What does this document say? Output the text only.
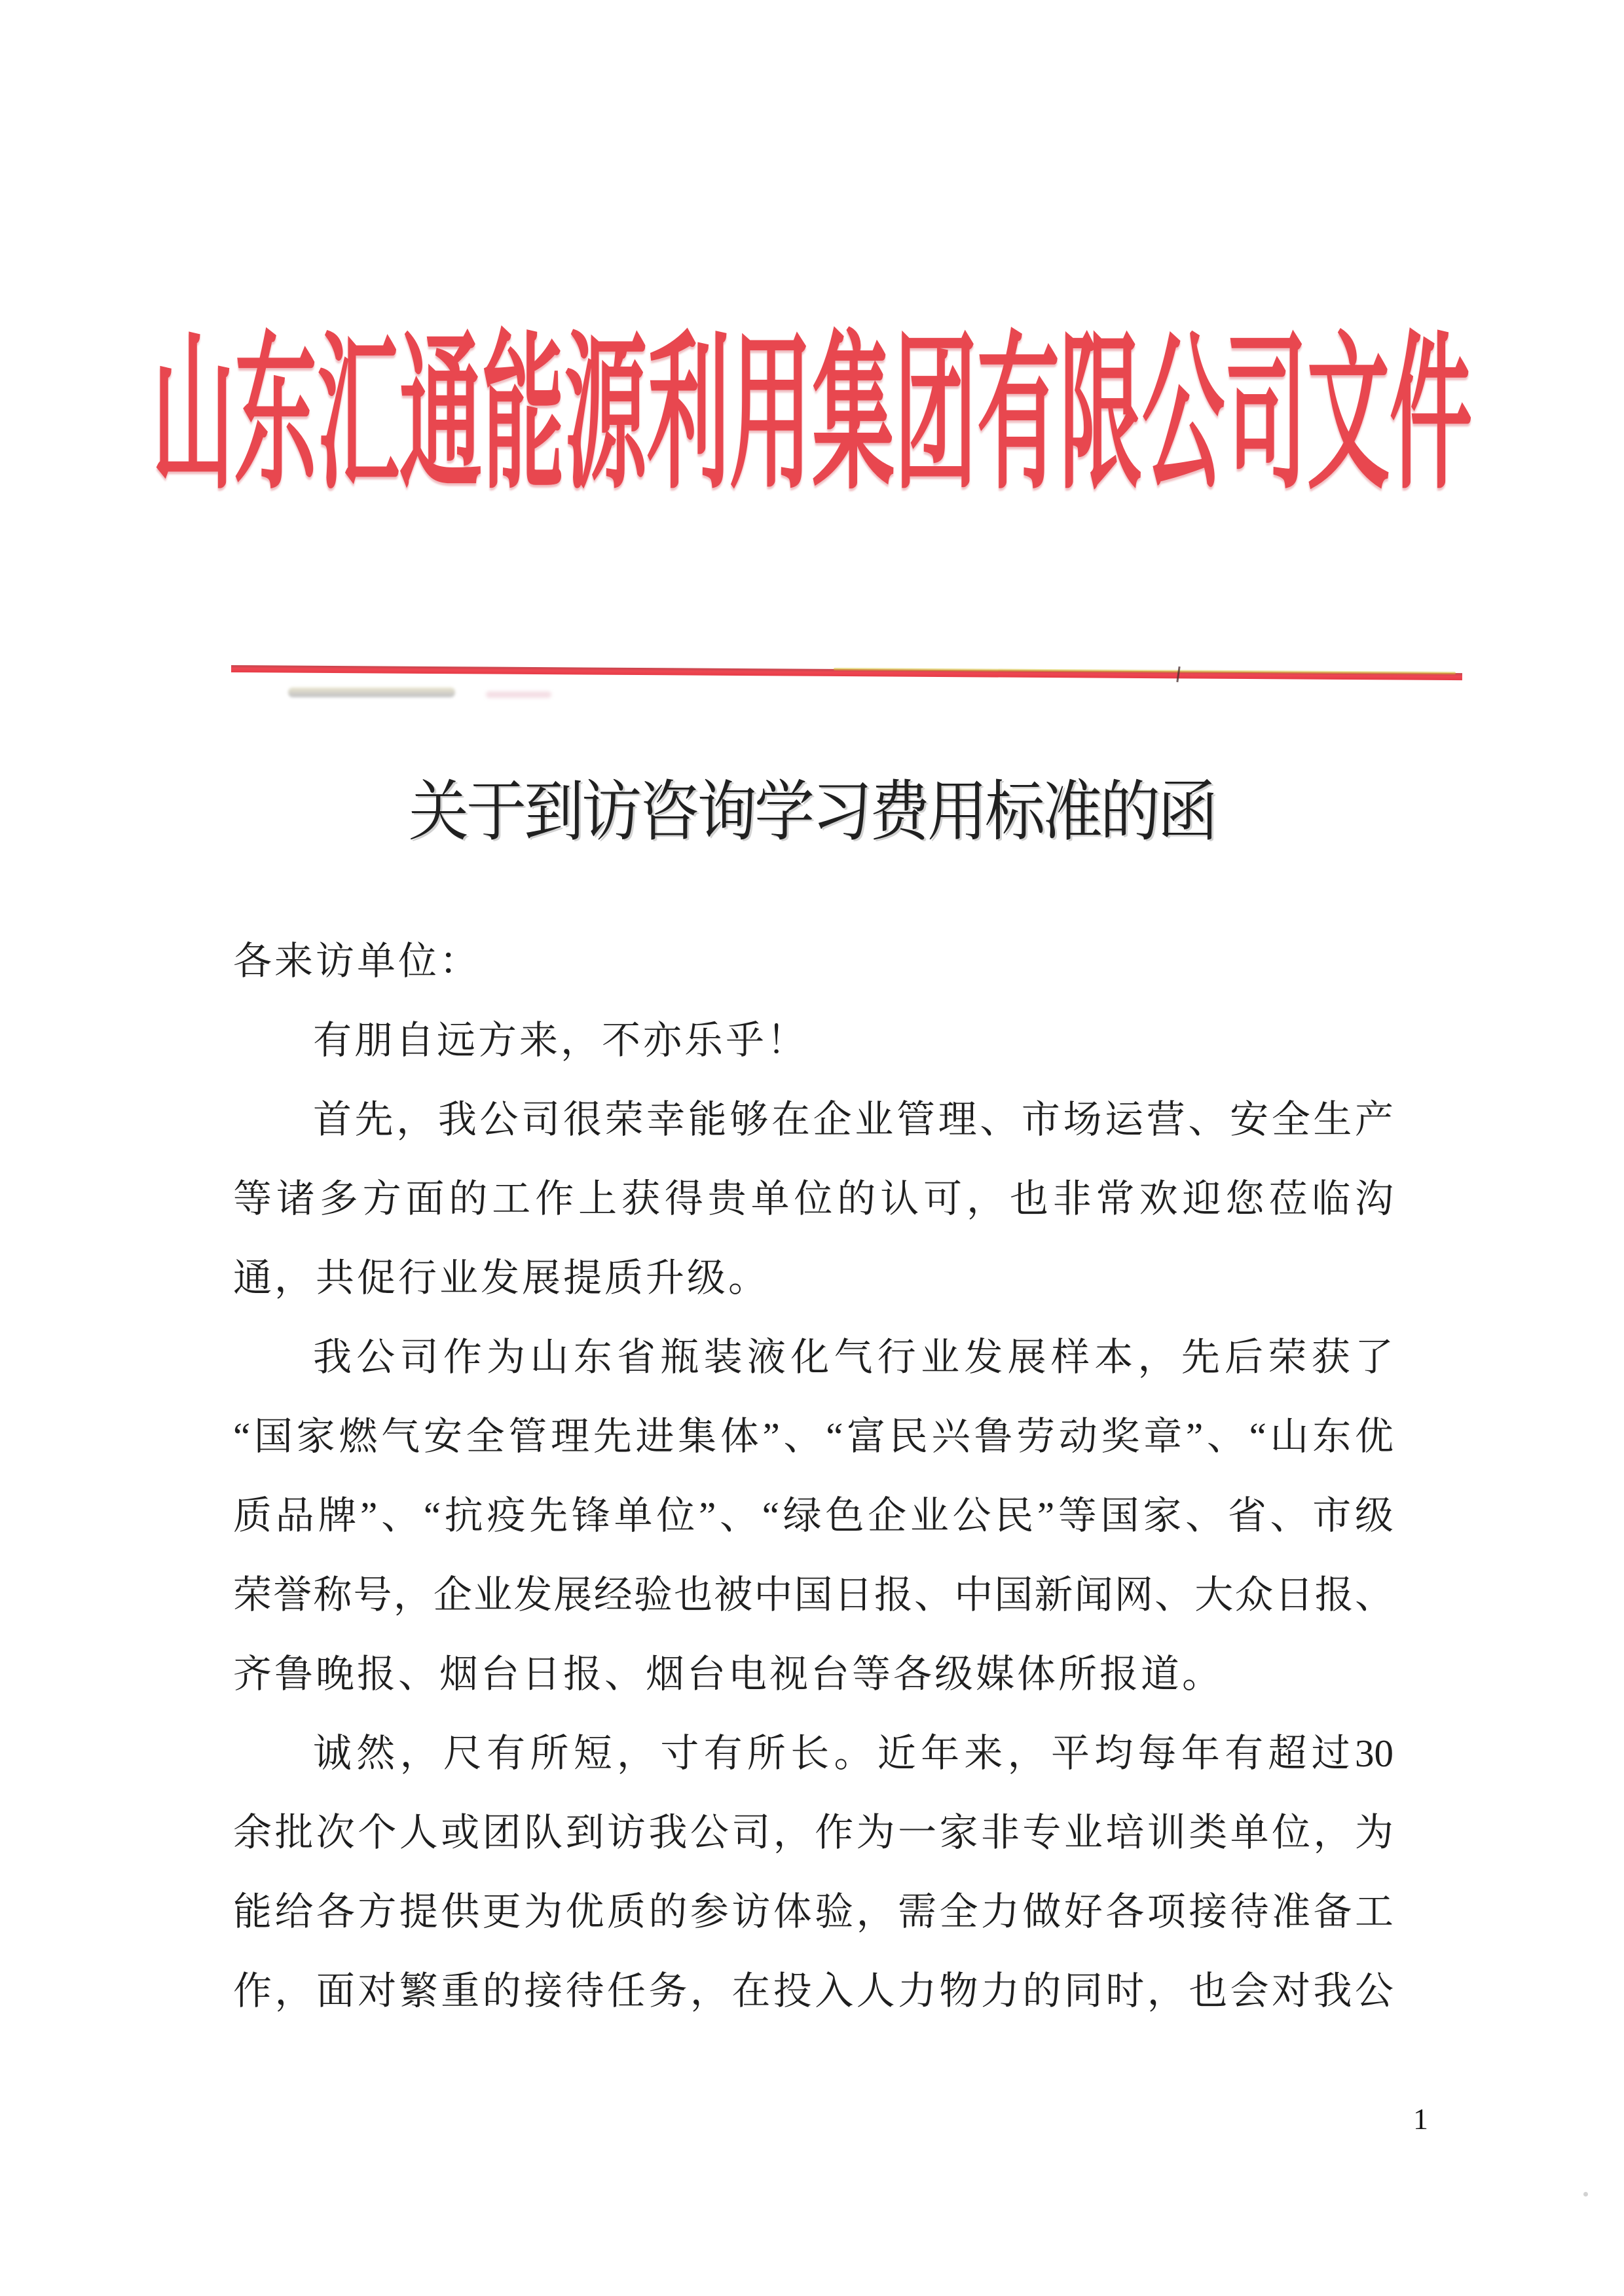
山东汇通能源利用集团有限公司文件
关于到访咨询学习费用标准的函
各来访单位：
有朋自远方来，不亦乐乎！
首先，我公司很荣幸能够在企业管理、市场运营、安全生产
等诸多方面的工作上获得贵单位的认可，也非常欢迎您莅临沟
通，共促行业发展提质升级。
我公司作为山东省瓶装液化气行业发展样本，先后荣获了
“国家燃气安全管理先进集体”、“富民兴鲁劳动奖章”、“山东优
质品牌”、“抗疫先锋单位”、“绿色企业公民”等国家、省、市级
荣誉称号，企业发展经验也被中国日报、中国新闻网、大众日报、
齐鲁晚报、烟台日报、烟台电视台等各级媒体所报道。
诚然，尺有所短，寸有所长。近年来，平均每年有超过30
余批次个人或团队到访我公司，作为一家非专业培训类单位，为
能给各方提供更为优质的参访体验，需全力做好各项接待准备工
作，面对繁重的接待任务，在投入人力物力的同时，也会对我公
1
